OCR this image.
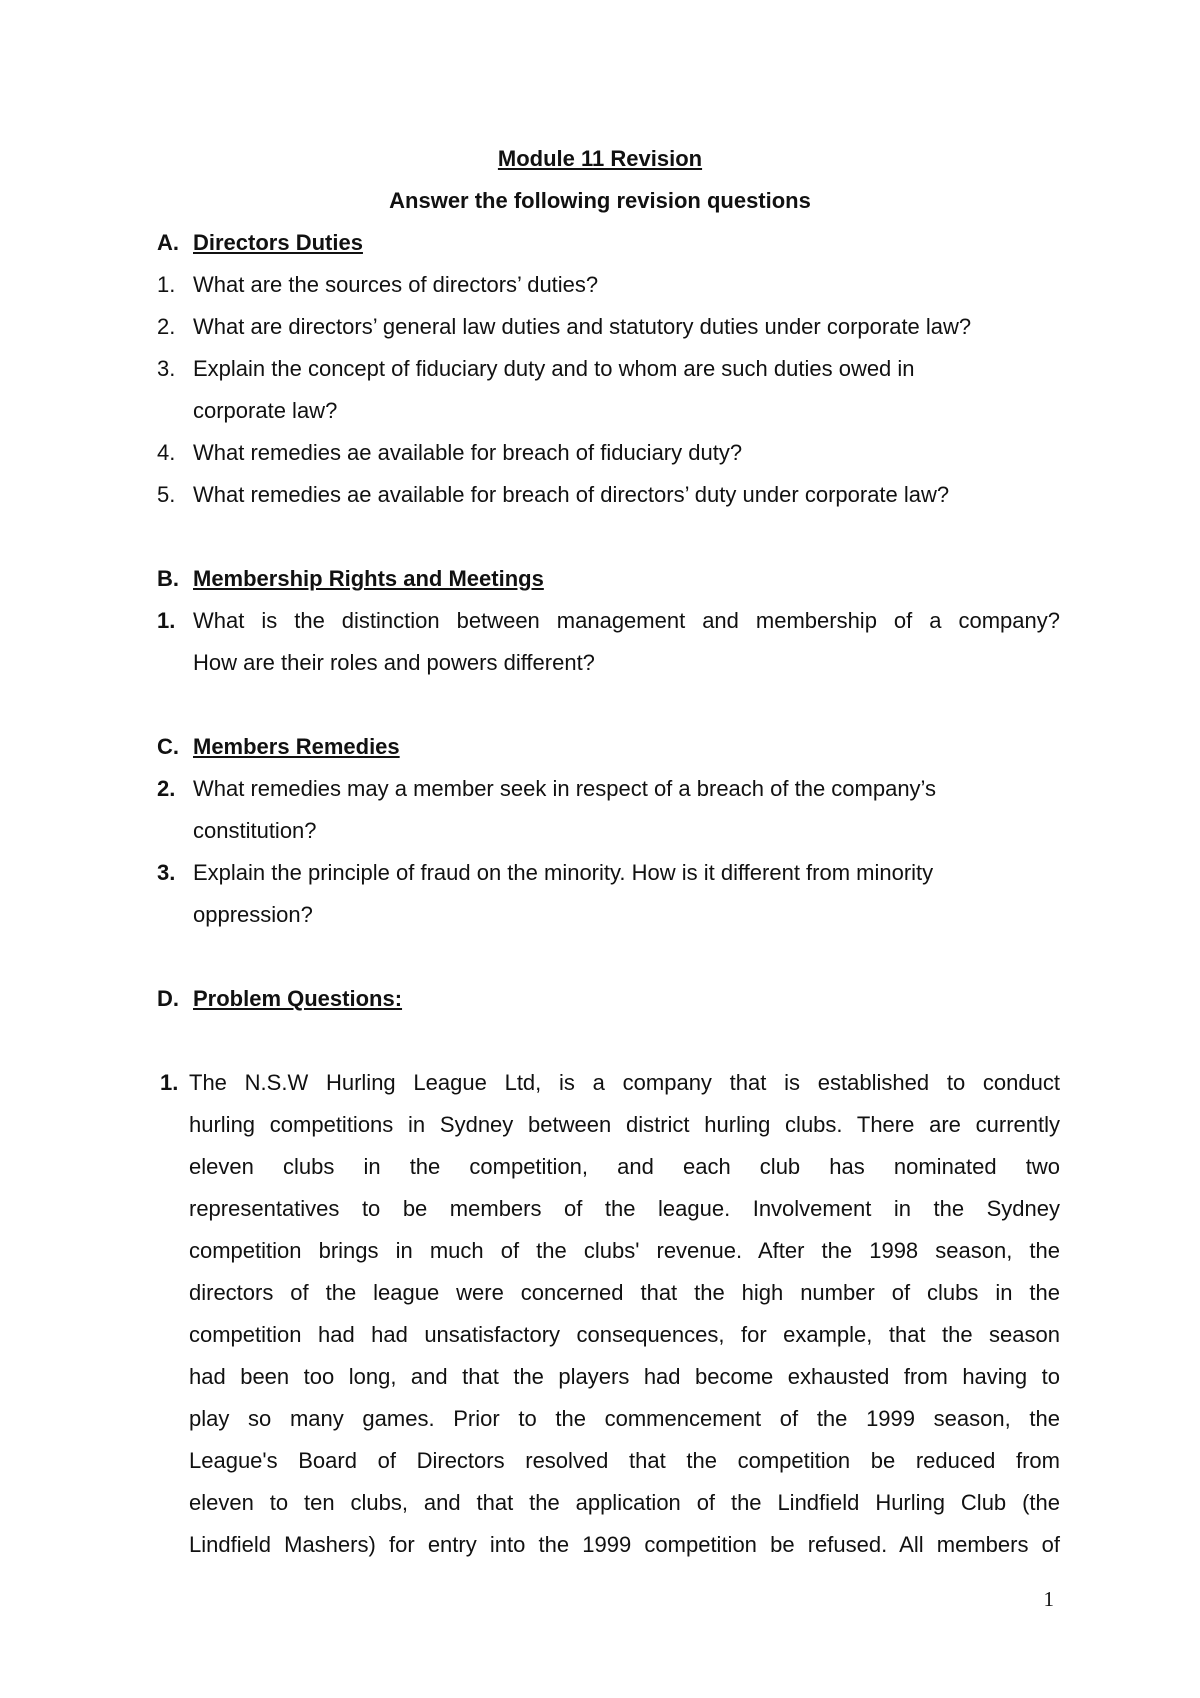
Module 11 Revision
Answer the following revision questions
A. Directors Duties
1. What are the sources of directors’ duties?
2. What are directors’ general law duties and statutory duties under corporate law?
3. Explain the concept of fiduciary duty and to whom are such duties owed in
corporate law?
4. What remedies ae available for breach of fiduciary duty?
5. What remedies ae available for breach of directors’ duty under corporate law?
B. Membership Rights and Meetings
1. What is the distinction between management and membership of a company?
How are their roles and powers different?
C. Members Remedies
2. What remedies may a member seek in respect of a breach of the company’s
constitution?
3. Explain the principle of fraud on the minority. How is it different from minority
oppression?
D. Problem Questions:
1. The N.S.W Hurling League Ltd, is a company that is established to conduct
hurling competitions in Sydney between district hurling clubs. There are currently
eleven clubs in the competition, and each club has nominated two
representatives to be members of the league. Involvement in the Sydney
competition brings in much of the clubs' revenue. After the 1998 season, the
directors of the league were concerned that the high number of clubs in the
competition had had unsatisfactory consequences, for example, that the season
had been too long, and that the players had become exhausted from having to
play so many games. Prior to the commencement of the 1999 season, the
League's Board of Directors resolved that the competition be reduced from
eleven to ten clubs, and that the application of the Lindfield Hurling Club (the
Lindfield Mashers) for entry into the 1999 competition be refused. All members of
1
